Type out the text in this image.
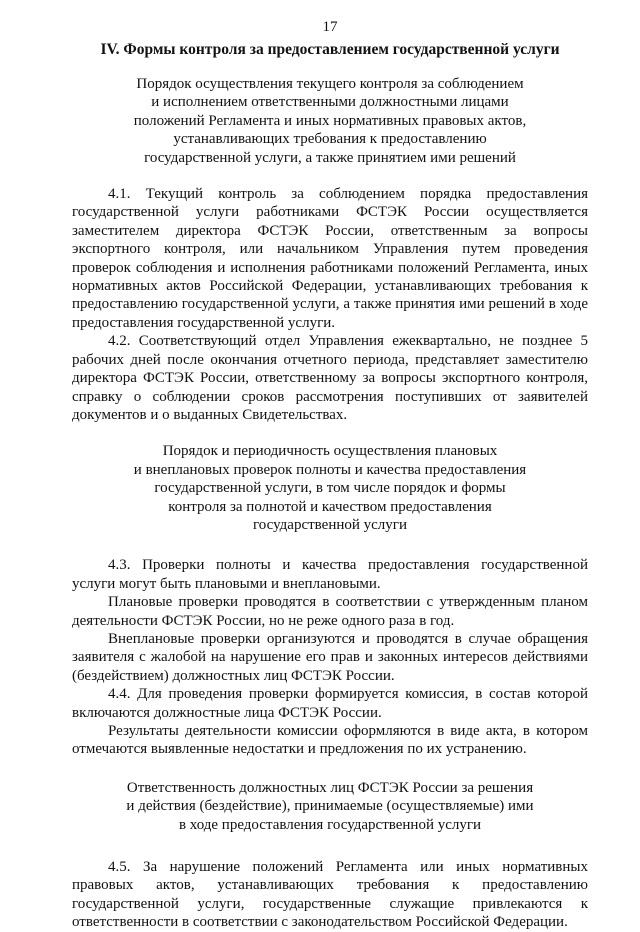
17
IV. Формы контроля за предоставлением государственной услуги
Порядок осуществления текущего контроля за соблюдением
и исполнением ответственными должностными лицами
положений Регламента и иных нормативных правовых актов,
устанавливающих требования к предоставлению
государственной услуги, а также принятием ими решений

4.1. Текущий контроль за соблюдением порядка предоставления государственной услуги работниками ФСТЭК России осуществляется заместителем директора ФСТЭК России, ответственным за вопросы экспортного контроля, или начальником Управления путем проведения проверок соблюдения и исполнения работниками положений Регламента, иных нормативных актов Российской Федерации, устанавливающих требования к предоставлению государственной услуги, а также принятия ими решений в ходе предоставления государственной услуги.

4.2. Соответствующий отдел Управления ежеквартально, не позднее 5 рабочих дней после окончания отчетного периода, представляет заместителю директора ФСТЭК России, ответственному за вопросы экспортного контроля, справку о соблюдении сроков рассмотрения поступивших от заявителей документов и о выданных Свидетельствах.

Порядок и периодичность осуществления плановых
и внеплановых проверок полноты и качества предоставления
государственной услуги, в том числе порядок и формы
контроля за полнотой и качеством предоставления
государственной услуги

4.3. Проверки полноты и качества предоставления государственной услуги могут быть плановыми и внеплановыми.

Плановые проверки проводятся в соответствии с утвержденным планом деятельности ФСТЭК России, но не реже одного раза в год.

Внеплановые проверки организуются и проводятся в случае обращения заявителя с жалобой на нарушение его прав и законных интересов действиями (бездействием) должностных лиц ФСТЭК России.

4.4. Для проведения проверки формируется комиссия, в состав которой включаются должностные лица ФСТЭК России.

Результаты деятельности комиссии оформляются в виде акта, в котором отмечаются выявленные недостатки и предложения по их устранению.

Ответственность должностных лиц ФСТЭК России за решения
и действия (бездействие), принимаемые (осуществляемые) ими
в ходе предоставления государственной услуги

4.5. За нарушение положений Регламента или иных нормативных правовых актов, устанавливающих требования к предоставлению государственной услуги, государственные служащие привлекаются к ответственности в соответствии с законодательством Российской Федерации.
